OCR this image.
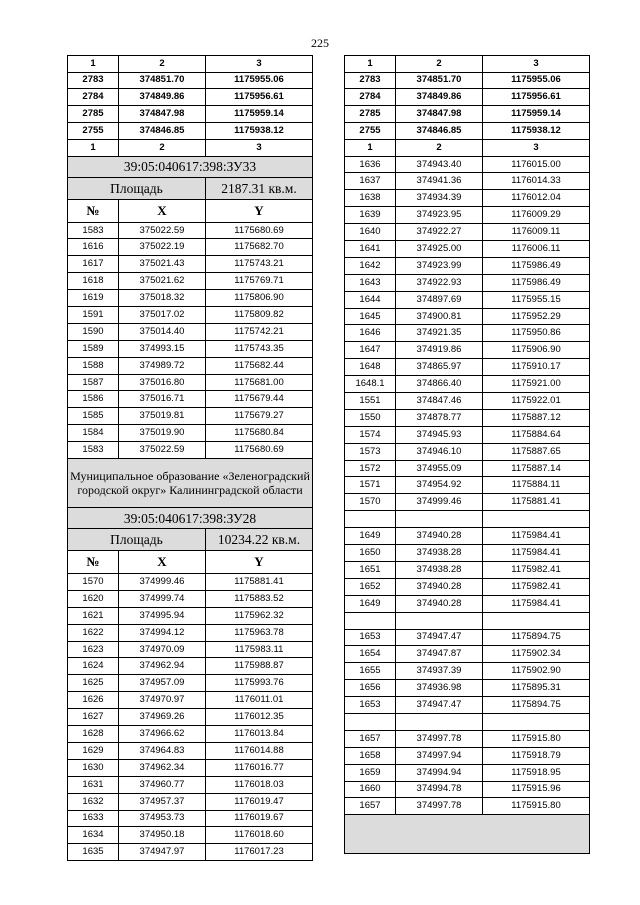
225
1	2	3
2783	374851.70	1175955.06
2784	374849.86	1175956.61
2785	374847.98	1175959.14
2755	374846.85	1175938.12
1	2	3
39:05:040617:398:ЗУ33		
Площадь		2187.31 кв.м.
№	X	Y
1583	375022.59	1175680.69
1616	375022.19	1175682.70
1617	375021.43	1175743.21
1618	375021.62	1175769.71
1619	375018.32	1175806.90
1591	375017.02	1175809.82
1590	375014.40	1175742.21
1589	374993.15	1175743.35
1588	374989.72	1175682.44
1587	375016.80	1175681.00
1586	375016.71	1175679.44
1585	375019.81	1175679.27
1584	375019.90	1175680.84
1583	375022.59	1175680.69
Муниципальное образование «Зеленоградский городской округ» Калининградской области		
39:05:040617:398:ЗУ28		
Площадь		10234.22 кв.м.
№	X	Y
1570	374999.46	1175881.41
1620	374999.74	1175883.52
1621	374995.94	1175962.32
1622	374994.12	1175963.78
1623	374970.09	1175983.11
1624	374962.94	1175988.87
1625	374957.09	1175993.76
1626	374970.97	1176011.01
1627	374969.26	1176012.35
1628	374966.62	1176013.84
1629	374964.83	1176014.88
1630	374962.34	1176016.77
1631	374960.77	1176018.03
1632	374957.37	1176019.47
1633	374953.73	1176019.67
1634	374950.18	1176018.60
1635	374947.97	1176017.23
1	2	3
2783	374851.70	1175955.06
2784	374849.86	1175956.61
2785	374847.98	1175959.14
2755	374846.85	1175938.12
1	2	3
1636	374943.40	1176015.00
1637	374941.36	1176014.33
1638	374934.39	1176012.04
1639	374923.95	1176009.29
1640	374922.27	1176009.11
1641	374925.00	1176006.11
1642	374923.99	1175986.49
1643	374922.93	1175986.49
1644	374897.69	1175955.15
1645	374900.81	1175952.29
1646	374921.35	1175950.86
1647	374919.86	1175906.90
1648	374865.97	1175910.17
1648.1	374866.40	1175921.00
1551	374847.46	1175922.01
1550	374878.77	1175887.12
1574	374945.93	1175884.64
1573	374946.10	1175887.65
1572	374955.09	1175887.14
1571	374954.92	1175884.11
1570	374999.46	1175881.41

1649	374940.28	1175984.41
1650	374938.28	1175984.41
1651	374938.28	1175982.41
1652	374940.28	1175982.41
1649	374940.28	1175984.41

1653	374947.47	1175894.75
1654	374947.87	1175902.34
1655	374937.39	1175902.90
1656	374936.98	1175895.31
1653	374947.47	1175894.75

1657	374997.78	1175915.80
1658	374997.94	1175918.79
1659	374994.94	1175918.95
1660	374994.78	1175915.96
1657	374997.78	1175915.80
